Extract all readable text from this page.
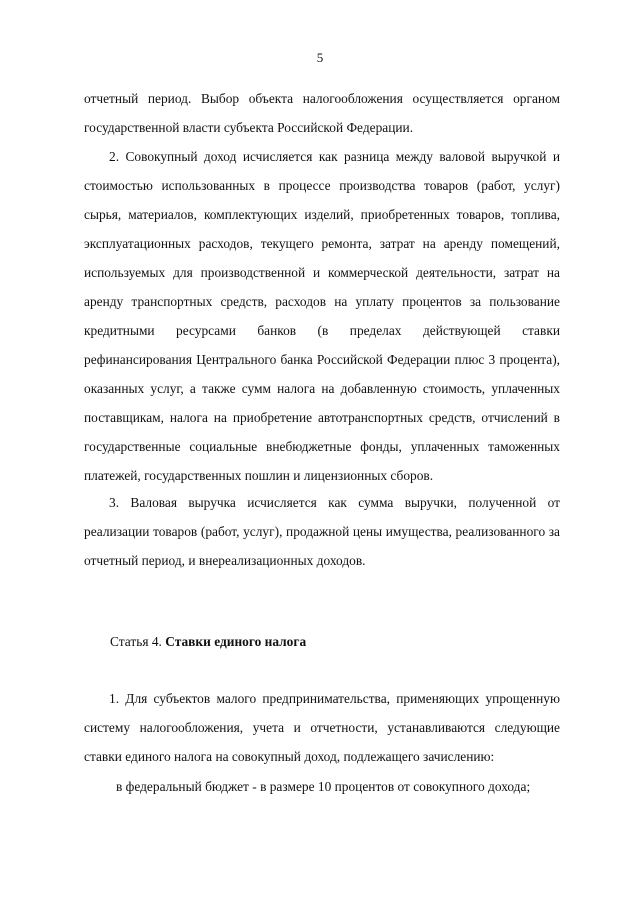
5

отчетный период. Выбор объекта налогообложения осуществляется органом государственной власти субъекта Российской Федерации.

2. Совокупный доход исчисляется как разница между валовой выручкой и стоимостью использованных в процессе производства товаров (работ, услуг) сырья, материалов, комплектующих изделий, приобретенных товаров, топлива, эксплуатационных расходов, текущего ремонта, затрат на аренду помещений, используемых для производственной и коммерческой деятельности, затрат на аренду транспортных средств, расходов на уплату процентов за пользование кредитными ресурсами банков (в пределах действующей ставки рефинансирования Центрального банка Российской Федерации плюс 3 процента), оказанных услуг, а также сумм налога на добавленную стоимость, уплаченных поставщикам, налога на приобретение автотранспортных средств, отчислений в государственные социальные внебюджетные фонды, уплаченных таможенных платежей, государственных пошлин и лицензионных сборов.

3. Валовая выручка исчисляется как сумма выручки, полученной от реализации товаров (работ, услуг), продажной цены имущества, реализованного за отчетный период, и внереализационных доходов.

Статья 4. Ставки единого налога

1. Для субъектов малого предпринимательства, применяющих упрощенную систему налогообложения, учета и отчетности, устанавливаются следующие ставки единого налога на совокупный доход, подлежащего зачислению:

в федеральный бюджет - в размере 10 процентов от совокупного дохода;
